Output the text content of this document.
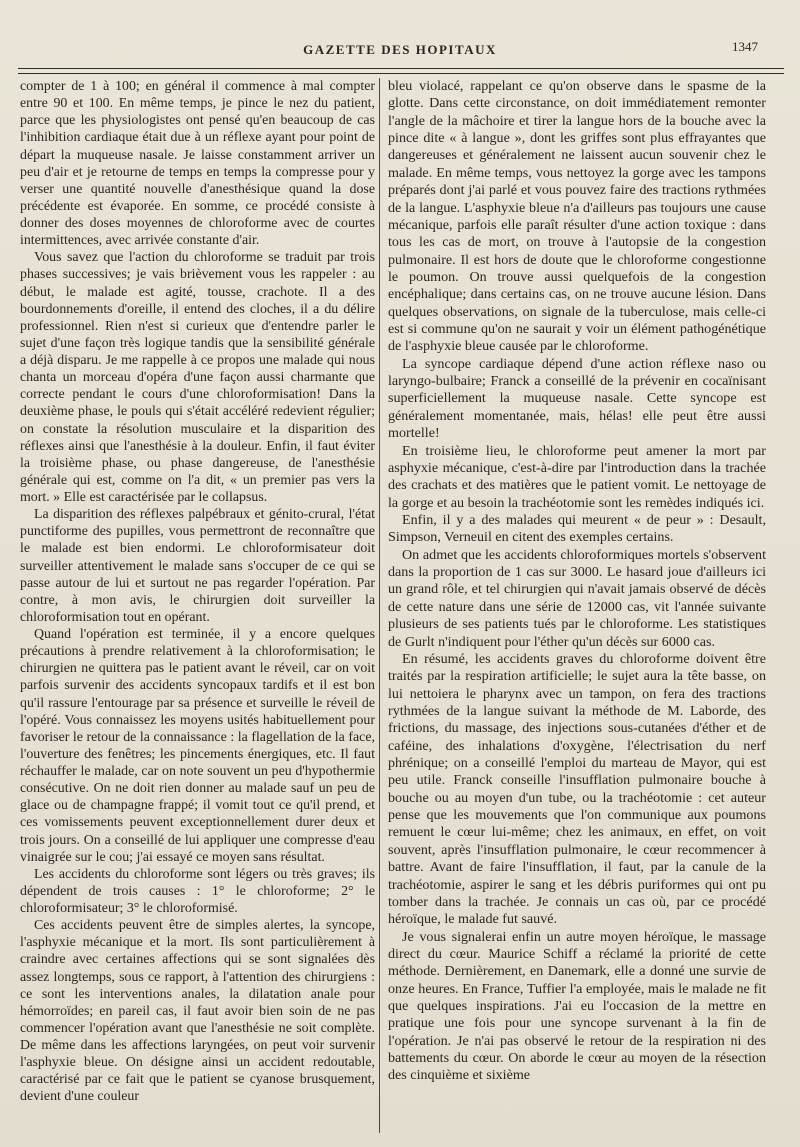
GAZETTE DES HOPITAUX	1347

compter de 1 à 100; en général il commence à mal compter entre 90 et 100. En même temps, je pince le nez du patient, parce que les physiologistes ont pensé qu'en beaucoup de cas l'inhibition cardiaque était due à un réflexe ayant pour point de départ la muqueuse nasale. Je laisse constamment arriver un peu d'air et je retourne de temps en temps la compresse pour y verser une quantité nouvelle d'anesthésique quand la dose précédente est évaporée. En somme, ce procédé consiste à donner des doses moyennes de chloroforme avec de courtes intermittences, avec arrivée constante d'air.

Vous savez que l'action du chloroforme se traduit par trois phases successives; je vais brièvement vous les rappeler : au début, le malade est agité, tousse, crachote. Il a des bourdonnements d'oreille, il entend des cloches, il a du délire professionnel. Rien n'est si curieux que d'entendre parler le sujet d'une façon très logique tandis que la sensibilité générale a déjà disparu. Je me rappelle à ce propos une malade qui nous chanta un morceau d'opéra d'une façon aussi charmante que correcte pendant le cours d'une chloroformisation! Dans la deuxième phase, le pouls qui s'était accéléré redevient régulier; on constate la résolution musculaire et la disparition des réflexes ainsi que l'anesthésie à la douleur. Enfin, il faut éviter la troisième phase, ou phase dangereuse, de l'anesthésie générale qui est, comme on l'a dit, « un premier pas vers la mort. » Elle est caractérisée par le collapsus.

La disparition des réflexes palpébraux et génito-crural, l'état punctiforme des pupilles, vous permettront de reconnaître que le malade est bien endormi. Le chloroformisateur doit surveiller attentivement le malade sans s'occuper de ce qui se passe autour de lui et surtout ne pas regarder l'opération. Par contre, à mon avis, le chirurgien doit surveiller la chloroformisation tout en opérant.

Quand l'opération est terminée, il y a encore quelques précautions à prendre relativement à la chloroformisation; le chirurgien ne quittera pas le patient avant le réveil, car on voit parfois survenir des accidents syncopaux tardifs et il est bon qu'il rassure l'entourage par sa présence et surveille le réveil de l'opéré. Vous connaissez les moyens usités habituellement pour favoriser le retour de la connaissance : la flagellation de la face, l'ouverture des fenêtres; les pincements énergiques, etc. Il faut réchauffer le malade, car on note souvent un peu d'hypothermie consécutive. On ne doit rien donner au malade sauf un peu de glace ou de champagne frappé; il vomit tout ce qu'il prend, et ces vomissements peuvent exceptionnellement durer deux et trois jours. On a conseillé de lui appliquer une compresse d'eau vinaigrée sur le cou; j'ai essayé ce moyen sans résultat.

Les accidents du chloroforme sont légers ou très graves; ils dépendent de trois causes : 1° le chloroforme; 2° le chloroformisateur; 3° le chloroformisé.

Ces accidents peuvent être de simples alertes, la syncope, l'asphyxie mécanique et la mort. Ils sont particulièrement à craindre avec certaines affections qui se sont signalées dès assez longtemps, sous ce rapport, à l'attention des chirurgiens : ce sont les interventions anales, la dilatation anale pour hémorroïdes; en pareil cas, il faut avoir bien soin de ne pas commencer l'opération avant que l'anesthésie ne soit complète. De même dans les affections laryngées, on peut voir survenir l'asphyxie bleue. On désigne ainsi un accident redoutable, caractérisé par ce fait que le patient se cyanose brusquement, devient d'une couleur

bleu violacé, rappelant ce qu'on observe dans le spasme de la glotte. Dans cette circonstance, on doit immédiatement remonter l'angle de la mâchoire et tirer la langue hors de la bouche avec la pince dite « à langue », dont les griffes sont plus effrayantes que dangereuses et généralement ne laissent aucun souvenir chez le malade. En même temps, vous nettoyez la gorge avec les tampons préparés dont j'ai parlé et vous pouvez faire des tractions rythmées de la langue. L'asphyxie bleue n'a d'ailleurs pas toujours une cause mécanique, parfois elle paraît résulter d'une action toxique : dans tous les cas de mort, on trouve à l'autopsie de la congestion pulmonaire. Il est hors de doute que le chloroforme congestionne le poumon. On trouve aussi quelquefois de la congestion encéphalique; dans certains cas, on ne trouve aucune lésion. Dans quelques observations, on signale de la tuberculose, mais celle-ci est si commune qu'on ne saurait y voir un élément pathogénétique de l'asphyxie bleue causée par le chloroforme.

La syncope cardiaque dépend d'une action réflexe naso ou laryngo-bulbaire; Franck a conseillé de la prévenir en cocaïnisant superficiellement la muqueuse nasale. Cette syncope est généralement momentanée, mais, hélas! elle peut être aussi mortelle!

En troisième lieu, le chloroforme peut amener la mort par asphyxie mécanique, c'est-à-dire par l'introduction dans la trachée des crachats et des matières que le patient vomit. Le nettoyage de la gorge et au besoin la trachéotomie sont les remèdes indiqués ici.

Enfin, il y a des malades qui meurent « de peur » : Desault, Simpson, Verneuil en citent des exemples certains.

On admet que les accidents chloroformiques mortels s'observent dans la proportion de 1 cas sur 3000. Le hasard joue d'ailleurs ici un grand rôle, et tel chirurgien qui n'avait jamais observé de décès de cette nature dans une série de 12000 cas, vit l'année suivante plusieurs de ses patients tués par le chloroforme. Les statistiques de Gurlt n'indiquent pour l'éther qu'un décès sur 6000 cas.

En résumé, les accidents graves du chloroforme doivent être traités par la respiration artificielle; le sujet aura la tête basse, on lui nettoiera le pharynx avec un tampon, on fera des tractions rythmées de la langue suivant la méthode de M. Laborde, des frictions, du massage, des injections sous-cutanées d'éther et de caféine, des inhalations d'oxygène, l'électrisation du nerf phrénique; on a conseillé l'emploi du marteau de Mayor, qui est peu utile. Franck conseille l'insufflation pulmonaire bouche à bouche ou au moyen d'un tube, ou la trachéotomie : cet auteur pense que les mouvements que l'on communique aux poumons remuent le cœur lui-même; chez les animaux, en effet, on voit souvent, après l'insufflation pulmonaire, le cœur recommencer à battre. Avant de faire l'insufflation, il faut, par la canule de la trachéotomie, aspirer le sang et les débris puriformes qui ont pu tomber dans la trachée. Je connais un cas où, par ce procédé héroïque, le malade fut sauvé.

Je vous signalerai enfin un autre moyen héroïque, le massage direct du cœur. Maurice Schiff a réclamé la priorité de cette méthode. Dernièrement, en Danemark, elle a donné une survie de onze heures. En France, Tuffier l'a employée, mais le malade ne fit que quelques inspirations. J'ai eu l'occasion de la mettre en pratique une fois pour une syncope survenant à la fin de l'opération. Je n'ai pas observé le retour de la respiration ni des battements du cœur. On aborde le cœur au moyen de la résection des cinquième et sixième
